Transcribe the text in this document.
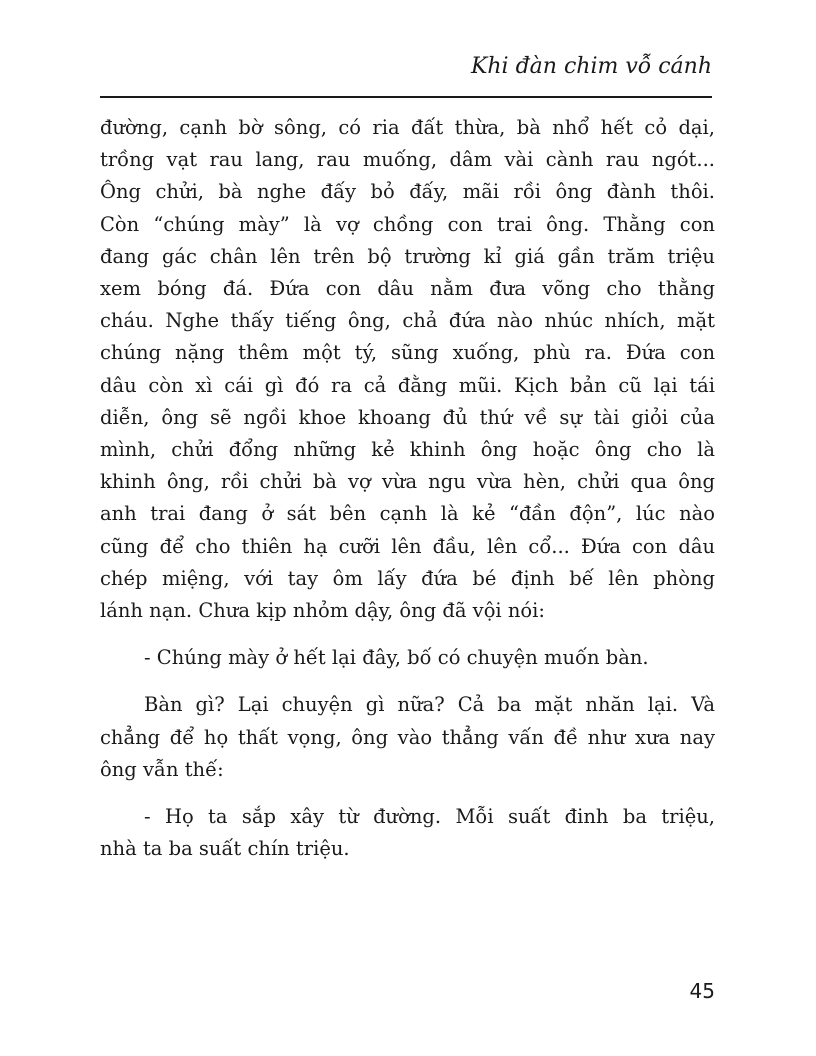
Khi đàn chim vỗ cánh

đường, cạnh bờ sông, có ria đất thừa, bà nhổ hết cỏ dại,
trồng vạt rau lang, rau muống, dâm vài cành rau ngót...
Ông chửi, bà nghe đấy bỏ đấy, mãi rồi ông đành thôi.
Còn “chúng mày” là vợ chồng con trai ông. Thằng con
đang gác chân lên trên bộ trường kỉ giá gần trăm triệu
xem bóng đá. Đứa con dâu nằm đưa võng cho thằng
cháu. Nghe thấy tiếng ông, chả đứa nào nhúc nhích, mặt
chúng nặng thêm một tý, sũng xuống, phù ra. Đứa con
dâu còn xì cái gì đó ra cả đằng mũi. Kịch bản cũ lại tái
diễn, ông sẽ ngồi khoe khoang đủ thứ về sự tài giỏi của
mình, chửi đổng những kẻ khinh ông hoặc ông cho là
khinh ông, rồi chửi bà vợ vừa ngu vừa hèn, chửi qua ông
anh trai đang ở sát bên cạnh là kẻ “đần độn”, lúc nào
cũng để cho thiên hạ cưỡi lên đầu, lên cổ... Đứa con dâu
chép miệng, với tay ôm lấy đứa bé định bế lên phòng
lánh nạn. Chưa kịp nhỏm dậy, ông đã vội nói:

- Chúng mày ở hết lại đây, bố có chuyện muốn bàn.

Bàn gì? Lại chuyện gì nữa? Cả ba mặt nhăn lại. Và
chẳng để họ thất vọng, ông vào thẳng vấn đề như xưa nay
ông vẫn thế:

- Họ ta sắp xây từ đường. Mỗi suất đinh ba triệu,
nhà ta ba suất chín triệu.

45
